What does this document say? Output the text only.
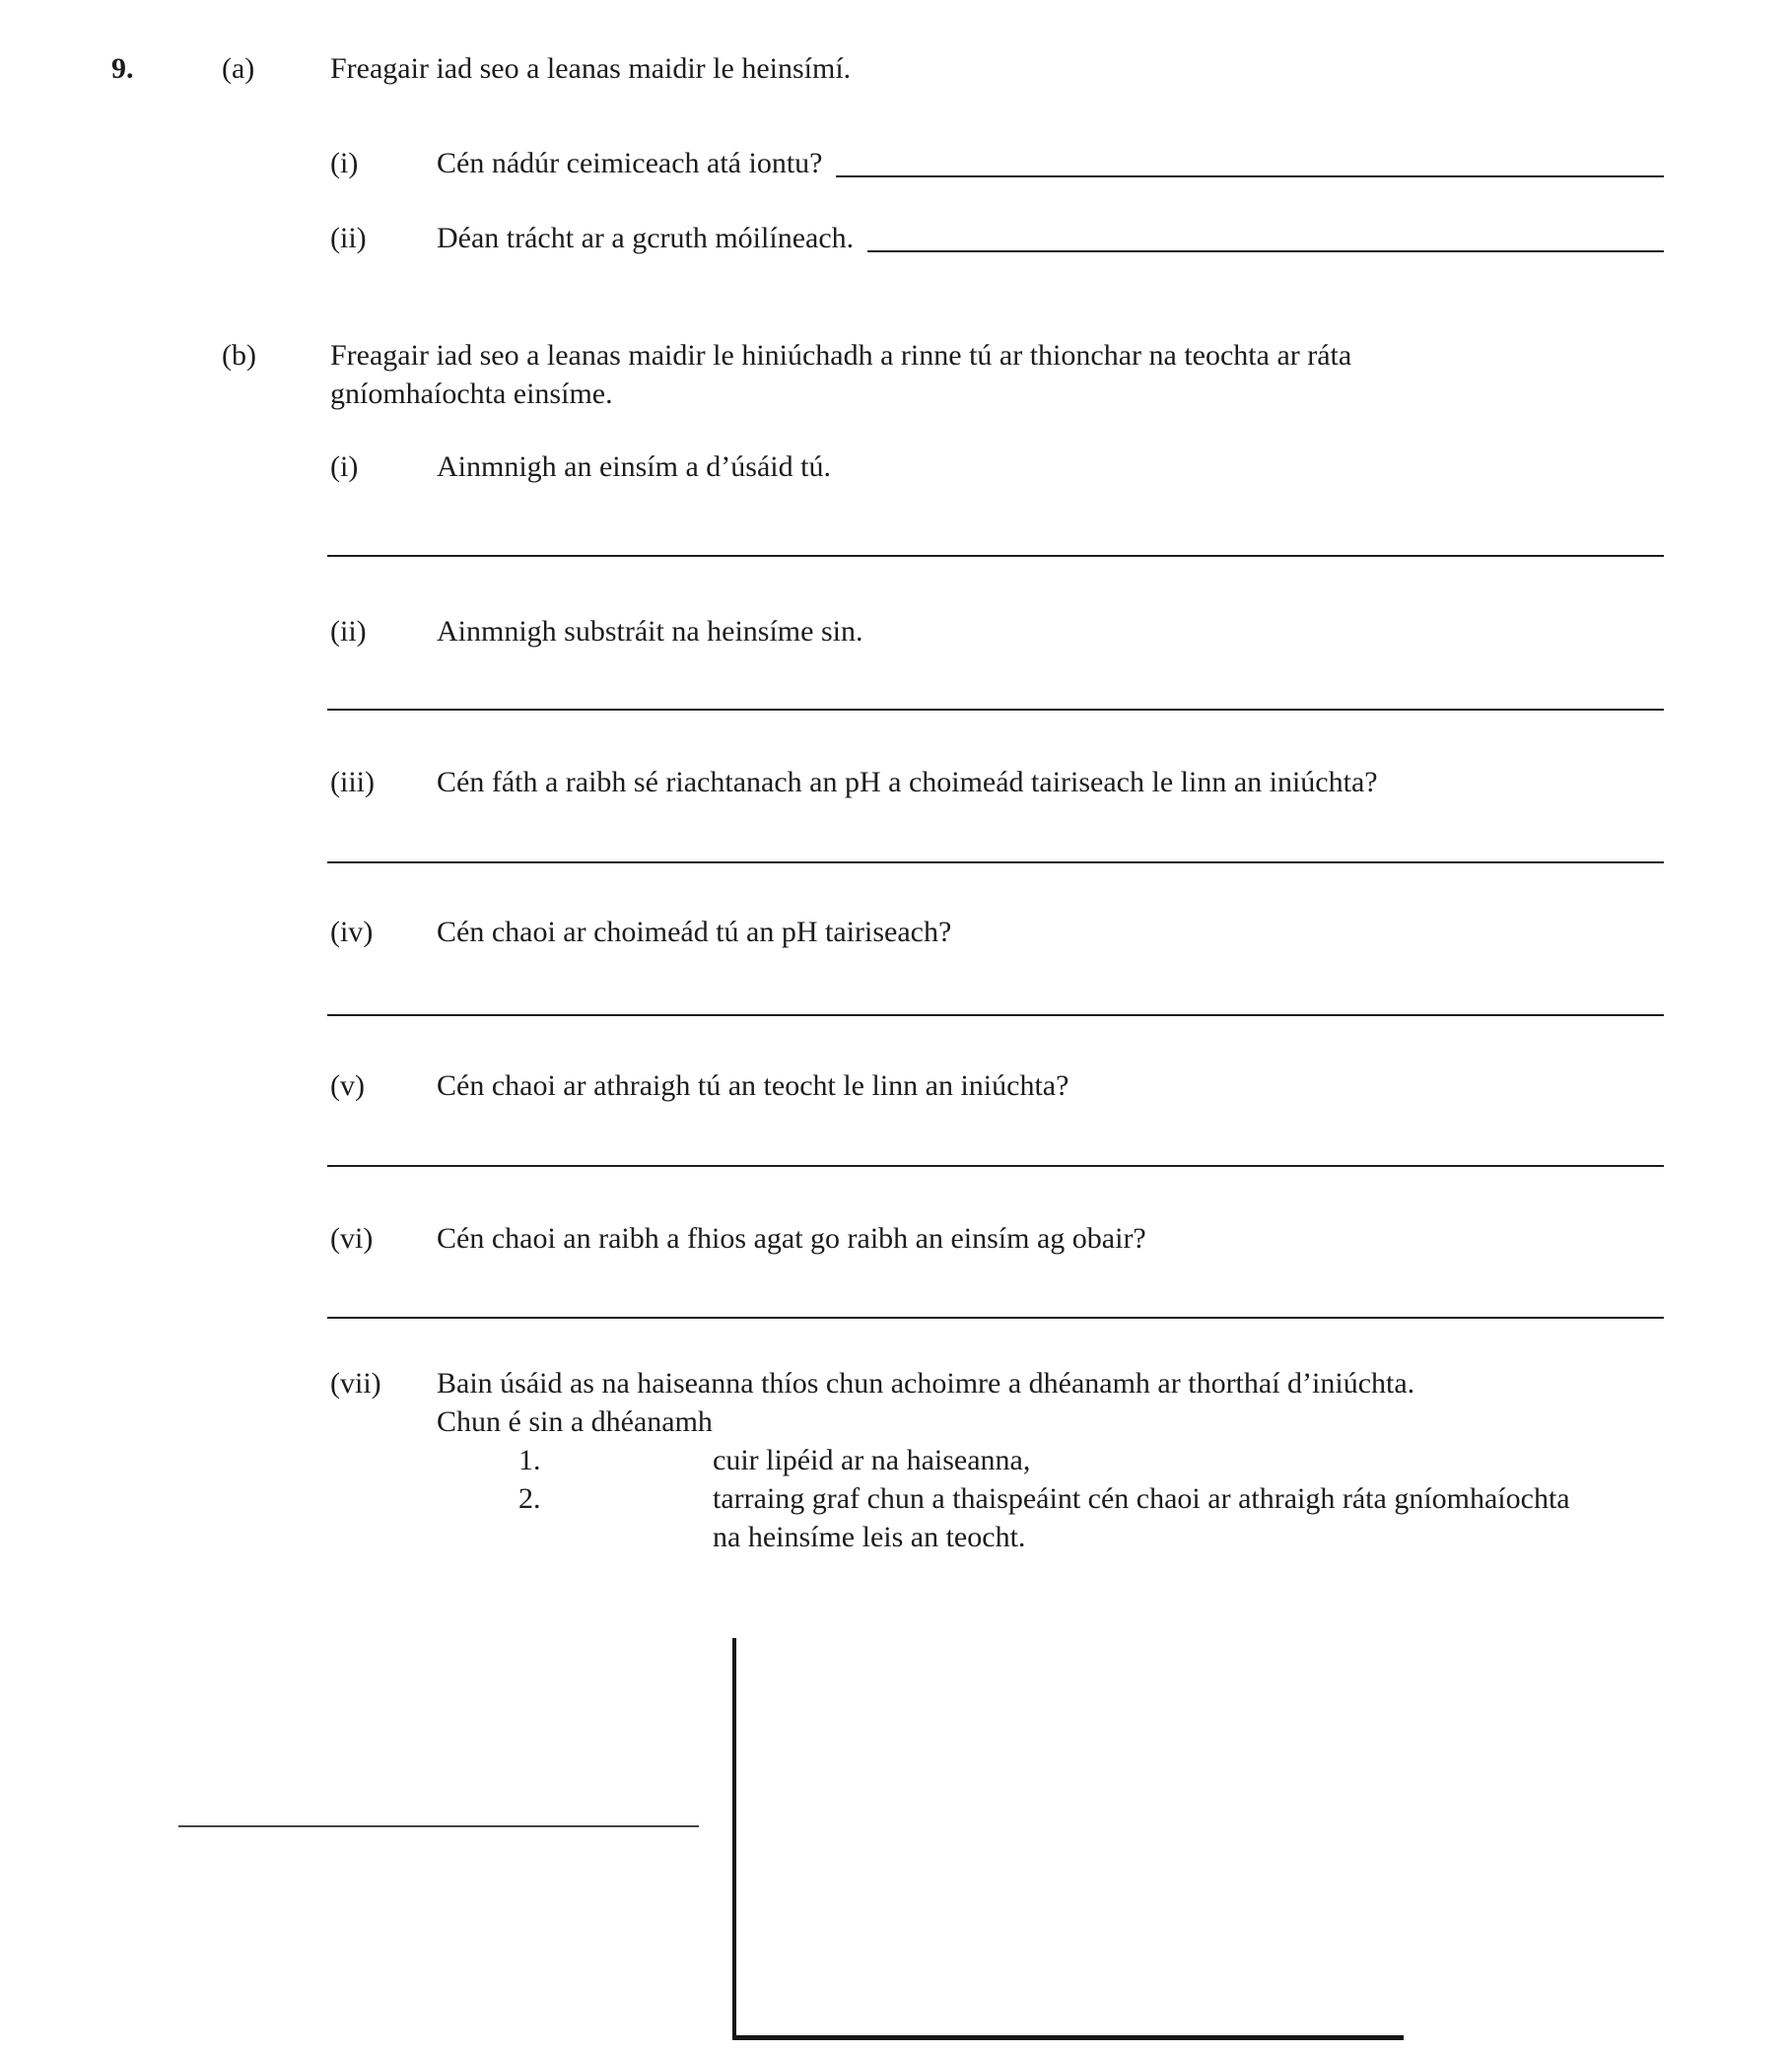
9.	(a)	Freagair iad seo a leanas maidir le heinsímí.
(i)	Cén nádúr ceimiceach atá iontu?
(ii)	Déan trácht ar a gcruth móilíneach.
(b)	Freagair iad seo a leanas maidir le hiniúchadh a rinne tú ar thionchar na teochta ar ráta
gníomhaíochta einsíme.
(i)	Ainmnigh an einsím a d’úsáid tú.
(ii)	Ainmnigh substráit na heinsíme sin.
(iii)	Cén fáth a raibh sé riachtanach an pH a choimeád tairiseach le linn an iniúchta?
(iv)	Cén chaoi ar choimeád tú an pH tairiseach?
(v)	Cén chaoi ar athraigh tú an teocht le linn an iniúchta?
(vi)	Cén chaoi an raibh a fhios agat go raibh an einsím ag obair?
(vii)	Bain úsáid as na haiseanna thíos chun achoimre a dhéanamh ar thorthaí d’iniúchta.
Chun é sin a dhéanamh
1.	cuir lipéid ar na haiseanna,
2.	tarraing graf chun a thaispeáint cén chaoi ar athraigh ráta gníomhaíochta
na heinsíme leis an teocht.
